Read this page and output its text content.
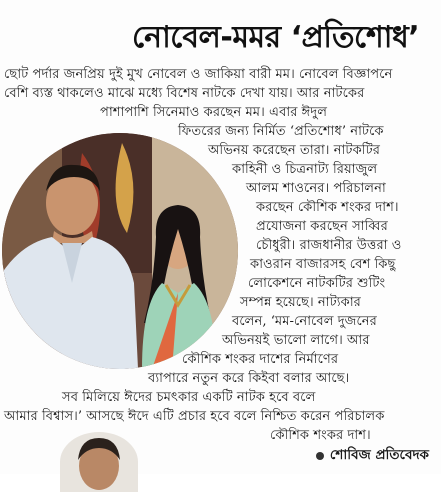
নোবেল-মমর ‘প্রতিশোধ’
ছোট পর্দার জনপ্রিয় দুই মুখ নোবেল ও জাকিয়া বারী মম। নোবেল বিজ্ঞাপনে
বেশি ব্যস্ত থাকলেও মাঝে মধ্যে বিশেষ নাটকে দেখা যায়। আর নাটকের
পাশাপাশি সিনেমাও করছেন মম। এবার ঈদুল
ফিতরের জন্য নির্মিত ‘প্রতিশোধ’ নাটকে
অভিনয় করেছেন তারা। নাটকটির
কাহিনী ও চিত্রনাট্য রিয়াজুল
আলম শাওনের। পরিচালনা
করছেন কৌশিক শংকর দাশ।
প্রযোজনা করছেন সাব্বির
চৌধুরী। রাজধানীর উত্তরা ও
কাওরান বাজারসহ বেশ কিছু
লোকেশনে নাটকটির শুটিং
সম্পন্ন হয়েছে। নাট্যকার
বলেন, ‘মম-নোবেল দুজনের
অভিনয়ই ভালো লাগে। আর
কৌশিক শংকর দাশের নির্মাণের
ব্যাপারে নতুন করে কিইবা বলার আছে।
সব মিলিয়ে ঈদের চমৎকার একটি নাটক হবে বলে
আমার বিশ্বাস।’ আসছে ঈদে এটি প্রচার হবে বলে নিশ্চিত করেন পরিচালক
কৌশিক শংকর দাশ।
শোবিজ প্রতিবেদক
